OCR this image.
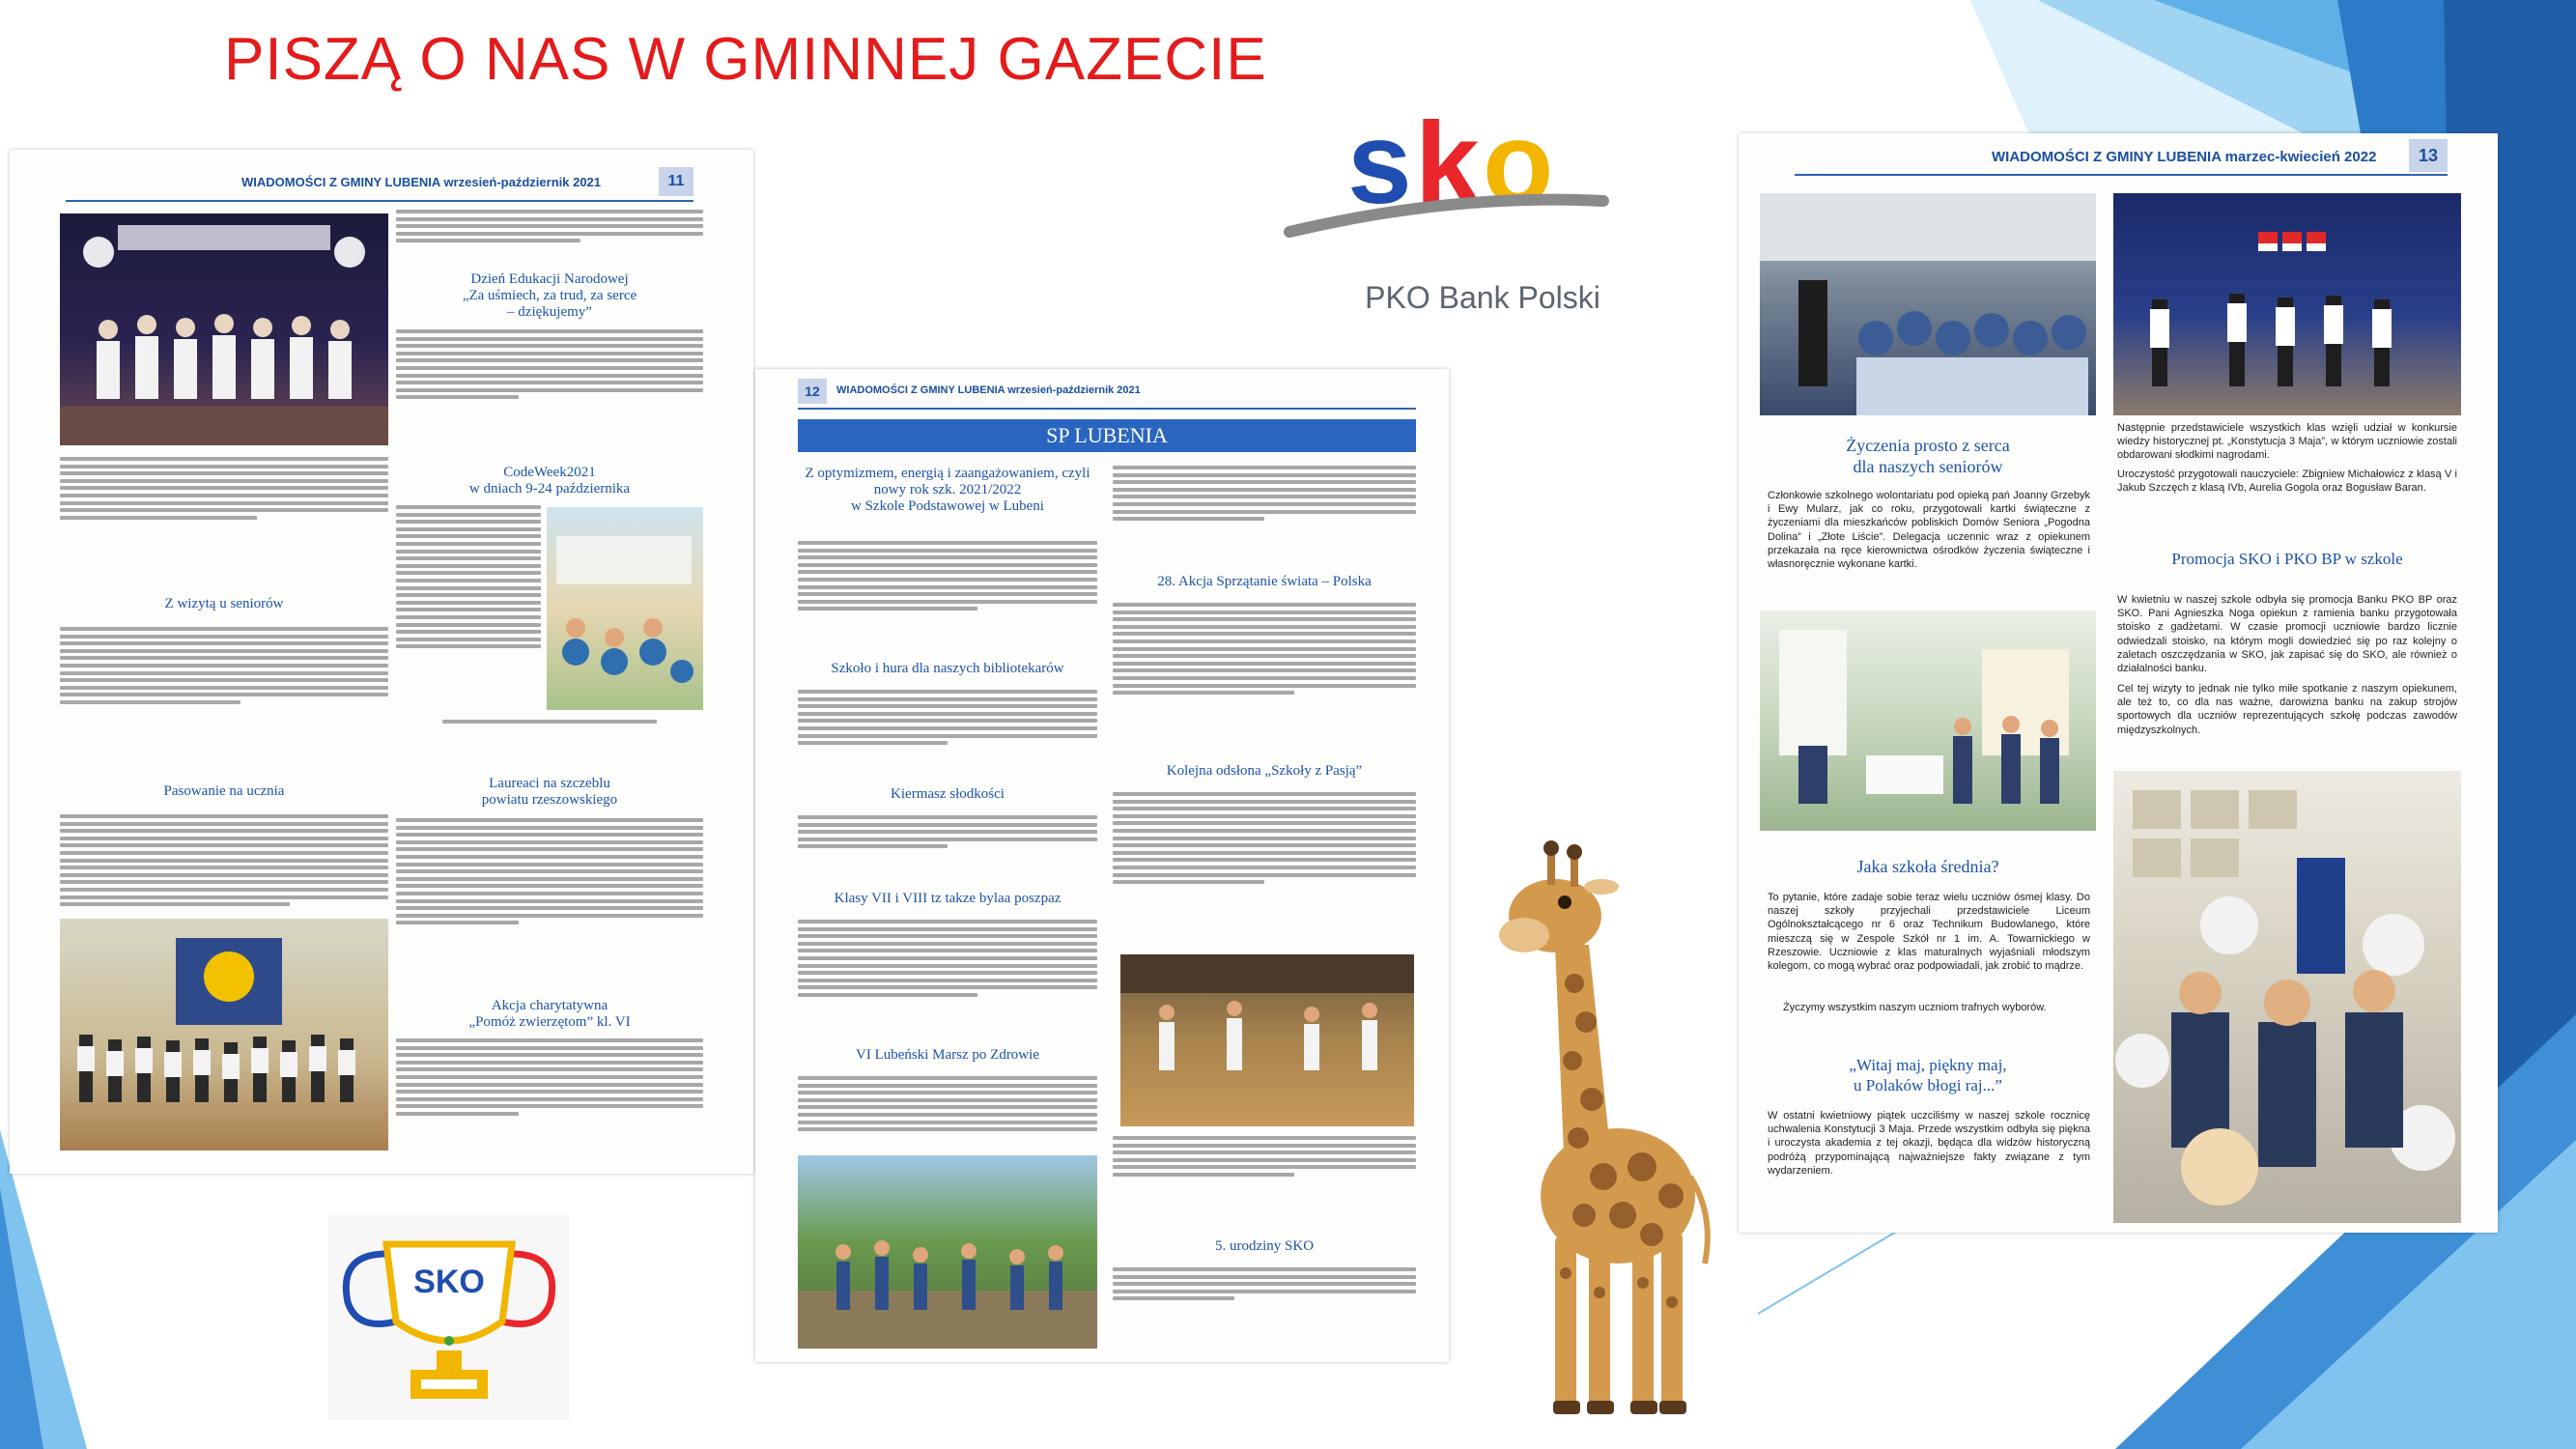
PISZĄ O NAS W GMINNEJ GAZECIE
WIADOMOŚCI Z GMINY LUBENIA wrzesień-październik 2021	11
Z wizytą u seniorów
Pasowanie na ucznia
Dzień Edukacji Narodowej
„Za uśmiech, za trud, za serce
– dziękujemy”
CodeWeek2021
w dniach 9-24 października
Laureaci na szczeblu
powiatu rzeszowskiego
Akcja charytatywna
„Pomóż zwierzętom” kl. VI
s k o
PKO Bank Polski
12	WIADOMOŚCI Z GMINY LUBENIA wrzesień-październik 2021
SP LUBENIA
Z optymizmem, energią i zaangażowaniem, czyli nowy rok szk. 2021/2022
w Szkole Podstawowej w Lubeni
Szkoło i hura dla naszych bibliotekarów
Kiermasz słodkości
Klasy VII i VIII tz takze bylaa poszpaz
VI Lubeński Marsz po Zdrowie
28. Akcja Sprzątanie świata – Polska
Kolejna odsłona „Szkoły z Pasją”
5. urodziny SKO
WIADOMOŚCI Z GMINY LUBENIA marzec-kwiecień 2022	13
Życzenia prosto z serca
dla naszych seniorów
Członkowie szkolnego wolontariatu pod opieką pań Joanny Grzebyk i Ewy Mularz, jak co roku, przygotowali kartki świąteczne z życzeniami dla mieszkańców pobliskich Domów Seniora „Pogodna Dolina” i „Złote Liście”. Delegacja uczennic wraz z opiekunem przekazała na ręce kierownictwa ośrodków życzenia świąteczne i własnoręcznie wykonane kartki.
Jaka szkoła średnia?
To pytanie, które zadaje sobie teraz wielu uczniów ósmej klasy. Do naszej szkoły przyjechali przedstawiciele Liceum Ogólnokształcącego nr 6 oraz Technikum Budowlanego, które mieszczą się w Zespole Szkół nr 1 im. A. Towarnickiego w Rzeszowie. Uczniowie z klas maturalnych wyjaśniali młodszym kolegom, co mogą wybrać oraz podpowiadali, jak zrobić to mądrze.
Życzymy wszystkim naszym uczniom trafnych wyborów.
„Witaj maj, piękny maj,
u Polaków błogi raj...”
W ostatni kwietniowy piątek uczciliśmy w naszej szkole rocznicę uchwalenia Konstytucji 3 Maja. Przede wszystkim odbyła się piękna i uroczysta akademia z tej okazji, będąca dla widzów historyczną podróżą przypominającą najważniejsze fakty związane z tym wydarzeniem.
Następnie przedstawiciele wszystkich klas wzięli udział w konkursie wiedzy historycznej pt. „Konstytucja 3 Maja”, w którym uczniowie zostali obdarowani słodkimi nagrodami.
Uroczystość przygotowali nauczyciele: Zbigniew Michałowicz z klasą V i Jakub Szczęch z klasą IVb, Aurelia Gogola oraz Bogusław Baran.
Promocja SKO i PKO BP w szkole
W kwietniu w naszej szkole odbyła się promocja Banku PKO BP oraz SKO. Pani Agnieszka Noga opiekun z ramienia banku przygotowała stoisko z gadżetami. W czasie promocji uczniowie bardzo licznie odwiedzali stoisko, na którym mogli dowiedzieć się po raz kolejny o zaletach oszczędzania w SKO, jak zapisać się do SKO, ale również o działalności banku.
Cel tej wizyty to jednak nie tylko miłe spotkanie z naszym opiekunem, ale też to, co dla nas ważne, darowizna banku na zakup strojów sportowych dla uczniów reprezentujących szkołę podczas zawodów międzyszkolnych.
SKO
